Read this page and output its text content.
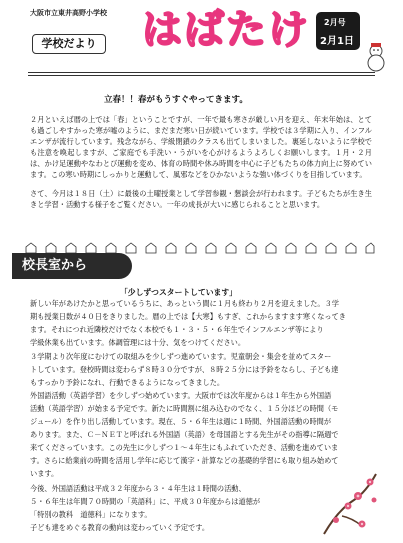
大阪市立東井高野小学校
学校だより はばたけ 2月号
2月1日
立春！！春がもうすぐやってきます。
２月といえば暦の上では「春」ということですが、一年で最も寒さが厳しい月を迎え、年末年始は、とても過ごしやすかった寒が嘘のように、まだまだ寒い日が続いています。学校では３学期に入り、インフルエンザが流行しています。残念ながら、学級閉鎖のクラスも出てしまいました。裏延しないように学校でも注意を喚起しますが、ご家庭でも手洗い・うがいを心がけるようよろしくお願いします。１月・２月は、かけ足運動やなわとび運動を変め、体育の時間や休み時間を中心に子どもたちの体力向上に努めています。この寒い時期にしっかりと運動して、風邪などをひかないような強い体づくりを目指しています。
さて、今月は１８日（土）に最後の土曜授業として学習参観・懇談会が行われます。子どもたちが生き生きと学習・活動する様子をご覧ください。一年の成長が大いに感じられることと思います。
校長室から
「少しずつスタートしています」
新しい年があけたかと思っているうちに、あっという間に１月も終わり２月を迎えました。３学
期も授業日数が４０日をきりました。暦の上では【大寒】もすぎ、これからますます寒くなってき
ます。それにつれ近隣校だけでなく本校でも１・３・５・６年生でインフルエンザ等により
学級休業も出ています。体調管理には十分、気をつけてください。
３学期より次年度にむけての取組みを少しずつ進めています。児童朝会・集会を並めてスター
トしています。登校時間は変わらず８時３０分ですが、８時２５分には予鈴をならし、子ども達
もすっかり予鈴になれ、行動できるようになってきました。
外国語活動（英語学習）を少しずつ始めています。大阪市では次年度からは１年生から外国語
活動（英語学習）が始まる予定です。新たに時間割に組み込むのでなく、１５分ほどの時間（モ
ジュール）を作り出し活動しています。現在、５・６年生は週に１時間、外国語活動の時間が
あります。また、Ｃ－ＮＥＴと呼ばれる外国語（英語）を母国語とする先生がその指導に隔週で
来てくださっています。この先生に少しずつ１～４年生にもふれていただき、活動を進めていま
す。さらに給業前の時間を活用し学年に応じて漢字・計算などの基礎的学習にも取り組み始めて
います。
今後、外国語活動は平成３２年度から３・４年生は１時間の活動、
５・６年生は年間７０時間の「英語科」に、平成３０年度からは道徳が
「特別の教科　道徳科」になります。
子ども達をめぐる教育の動向は変わっていく予定です。
